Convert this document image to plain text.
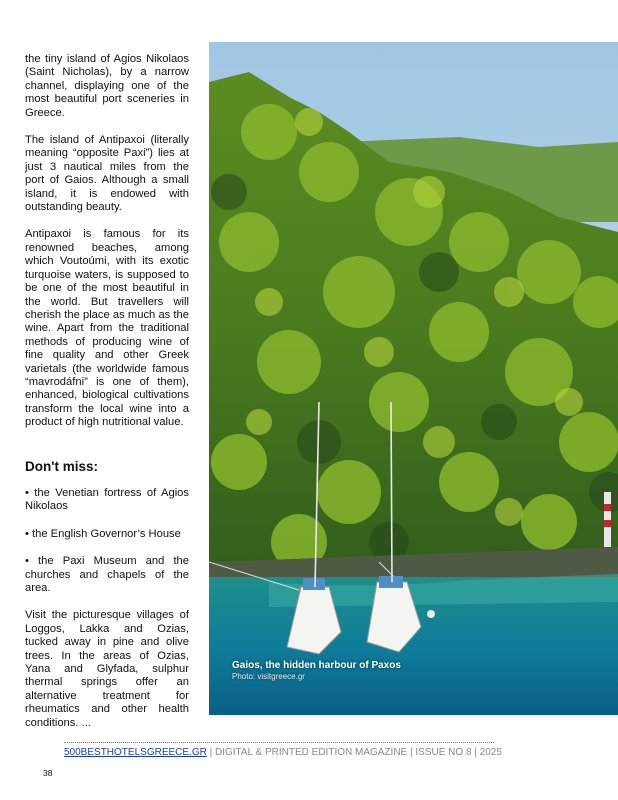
the tiny island of Agios Nikolaos (Saint Nicholas), by a narrow channel, displaying one of the most beautiful port sceneries in Greece.

The island of Antipaxoi (literally meaning “opposite Paxi”) lies at just 3 nautical miles from the port of Gaios. Although a small island, it is endowed with outstanding beauty.

Antipaxoi is famous for its renowned beaches, among which Voutoúmi, with its exotic turquoise waters, is supposed to be one of the most beautiful in the world. But travellers will cherish the place as much as the wine. Apart from the traditional methods of producing wine of fine quality and other Greek varietals (the worldwide famous “mavrodáfni” is one of them), enhanced, biological cultivations transform the local wine into a product of high nutritional value.

Don't miss:

• the Venetian fortress of Agios Nikolaos

• the English Governor’s House

• the Paxi Museum and the churches and chapels of the area.

Visit the picturesque villages of Loggos, Lakka and Ozias, tucked away in pine and olive trees. In the areas of Ozias, Yana and Glyfada, sulphur thermal springs offer an alternative treatment for rheumatics and other health conditions. ...

Gaios, the hidden harbour of Paxos
Photo: visitgreece.gr
500BESTHOTELSGREECE.GR | DIGITAL & PRINTED EDITION MAGAZINE | ISSUE NO 8 | 2025
38
